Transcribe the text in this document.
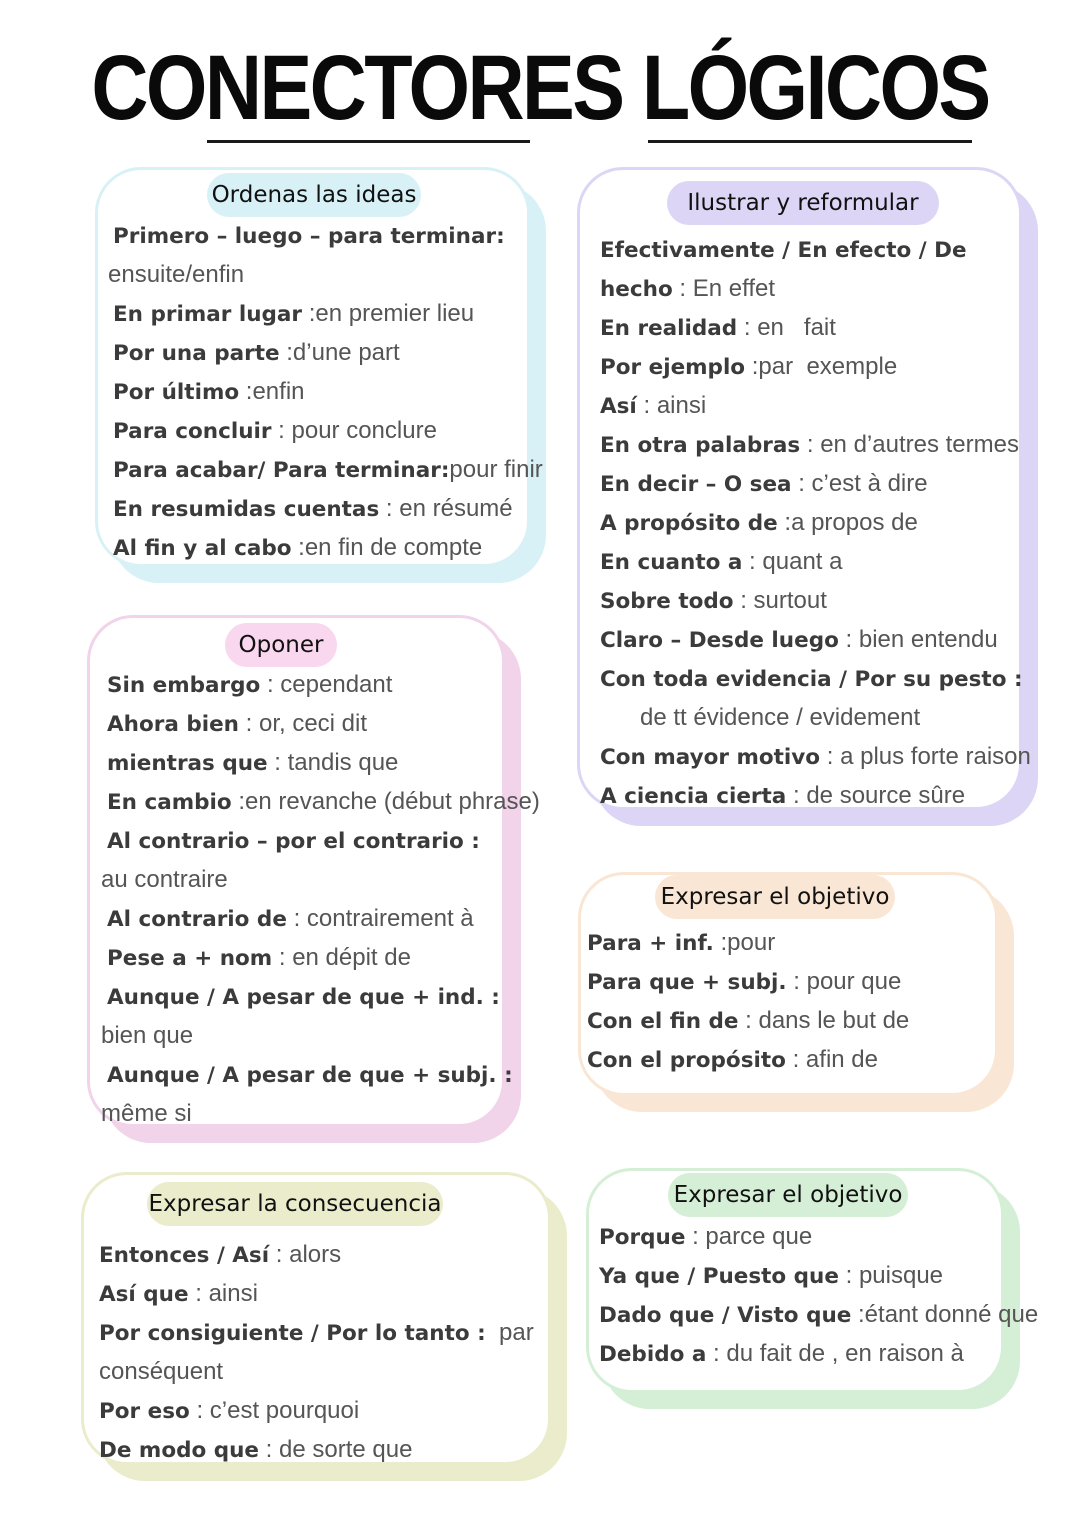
CONECTORES LÓGICOS
Ordenas las ideas
Primero – luego – para terminar:
ensuite/enfin
En primar lugar :en premier lieu
Por una parte :d’une part
Por último :enfin
Para concluir : pour conclure
Para acabar/ Para terminar:pour finir
En resumidas cuentas : en résumé
Al fin y al cabo :en fin de compte
Ilustrar y reformular
Efectivamente / En efecto / De
hecho : En effet
En realidad : en   fait
Por ejemplo :par  exemple
Así : ainsi
En otra palabras : en d’autres termes
En decir – O sea : c’est à dire
A propósito de :a propos de
En cuanto a : quant a
Sobre todo : surtout
Claro – Desde luego : bien entendu
Con toda evidencia / Por su pesto :
de tt évidence / evidement
Con mayor motivo : a plus forte raison
A ciencia cierta : de source sûre
Oponer
Sin embargo : cependant
Ahora bien : or, ceci dit
mientras que : tandis que
En cambio :en revanche (début phrase)
Al contrario – por el contrario :
au contraire
Al contrario de : contrairement à
Pese a + nom : en dépit de
Aunque / A pesar de que + ind. :
bien que
Aunque / A pesar de que + subj. :
même si
Expresar el objetivo
Para + inf. :pour
Para que + subj. : pour que
Con el fin de : dans le but de
Con el propósito : afin de
Expresar la consecuencia
Entonces / Así : alors
Así que : ainsi
Por consiguiente / Por lo tanto :  par
conséquent
Por eso : c’est pourquoi
De modo que : de sorte que
Expresar el objetivo
Porque : parce que
Ya que / Puesto que : puisque
Dado que / Visto que :étant donné que
Debido a : du fait de , en raison à
